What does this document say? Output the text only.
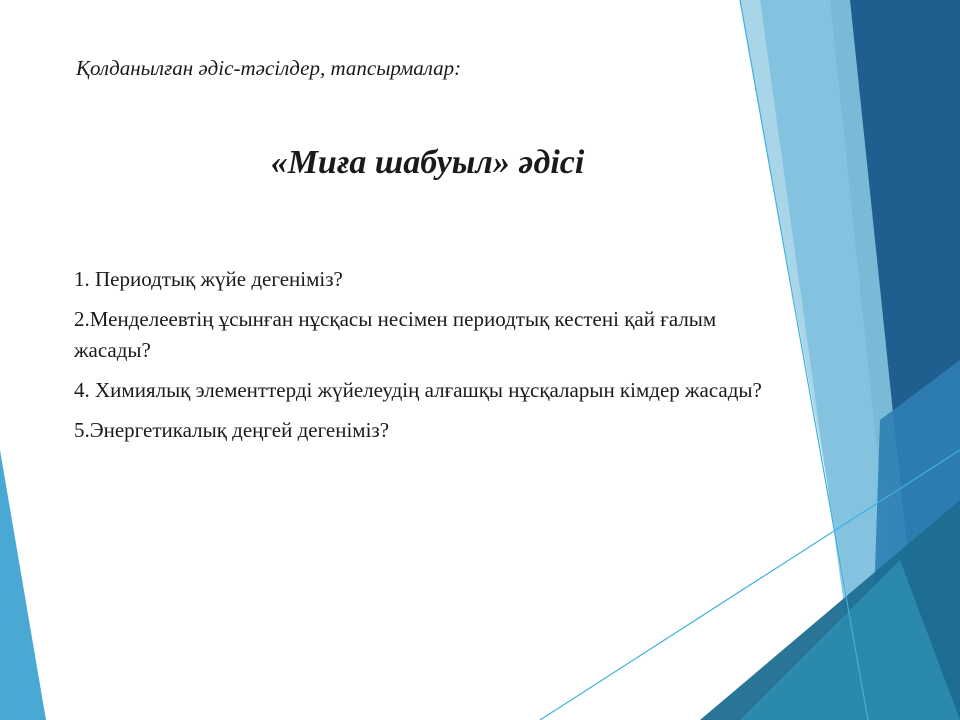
Қолданылған әдіс-тәсілдер, тапсырмалар:

«Миға шабуыл» әдісі
1. Периодтық жүйе дегеніміз?
2.Менделеевтің ұсынған нұсқасы несімен периодтық кестені қай ғалым жасады?
4. Химиялық элементтерді жүйелеудің алғашқы нұсқаларын кімдер жасады?
5.Энергетикалық деңгей дегеніміз?
